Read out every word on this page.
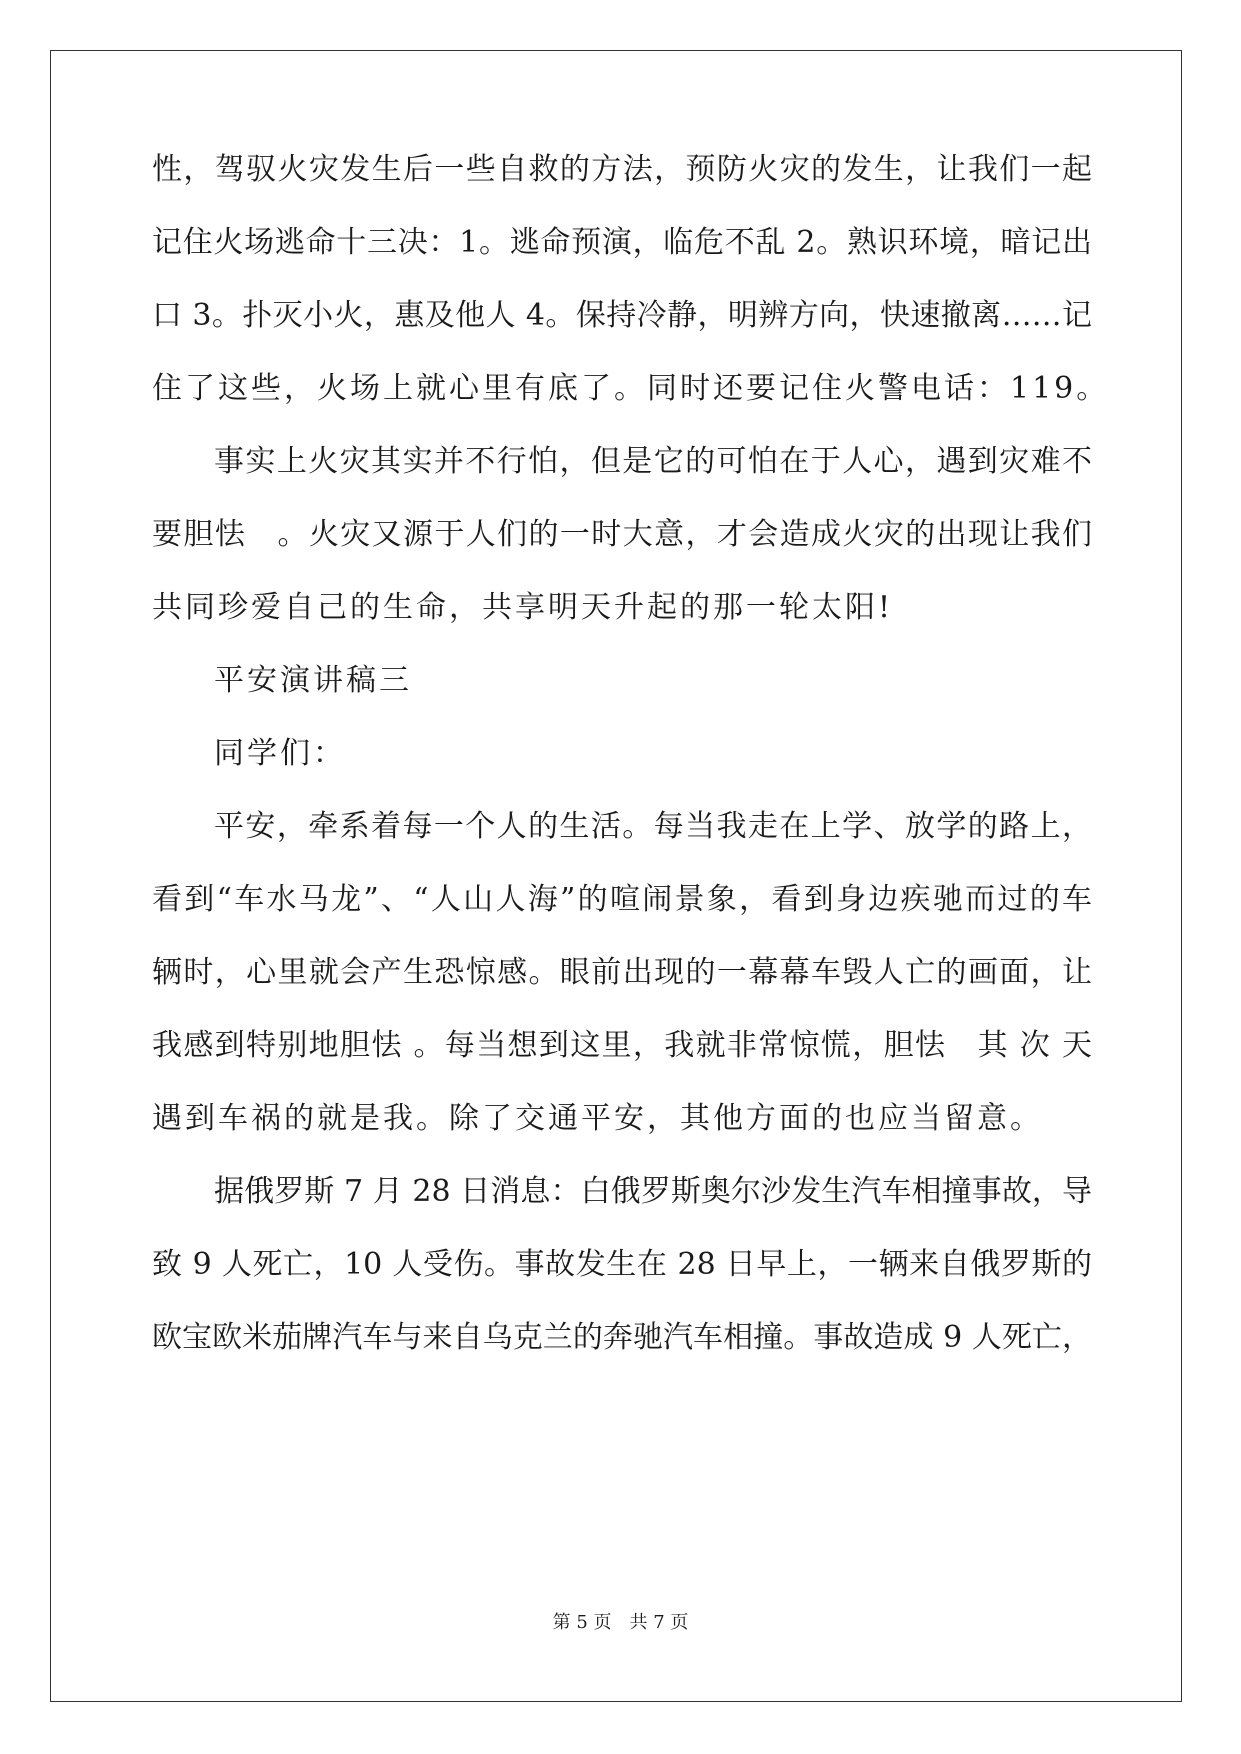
性，驾驭火灾发生后一些自救的方法，预防火灾的发生，让我们一起
记住火场逃命十三决：1。逃命预演，临危不乱 2。熟识环境，暗记出
口 3。扑灭小火，惠及他人 4。保持冷静，明辨方向，快速撤离……记
住了这些，火场上就心里有底了。同时还要记住火警电话：119。
事实上火灾其实并不行怕，但是它的可怕在于人心，遇到灾难不
要胆怯　。火灾又源于人们的一时大意，才会造成火灾的出现让我们
共同珍爱自己的生命，共享明天升起的那一轮太阳!
平安演讲稿三
同学们：
平安，牵系着每一个人的生活。每当我走在上学、放学的路上，
看到“车水马龙”、“人山人海”的喧闹景象，看到身边疾驰而过的车
辆时，心里就会产生恐惊感。眼前出现的一幕幕车毁人亡的画面，让
我感到特别地胆怯 。每当想到这里，我就非常惊慌，胆怯　其 次 天
遇到车祸的就是我。除了交通平安，其他方面的也应当留意。
据俄罗斯 7 月 28 日消息：白俄罗斯奥尔沙发生汽车相撞事故，导
致 9 人死亡，10 人受伤。事故发生在 28 日早上，一辆来自俄罗斯的
欧宝欧米茄牌汽车与来自乌克兰的奔驰汽车相撞。事故造成 9 人死亡，
第 5 页　共 7 页
